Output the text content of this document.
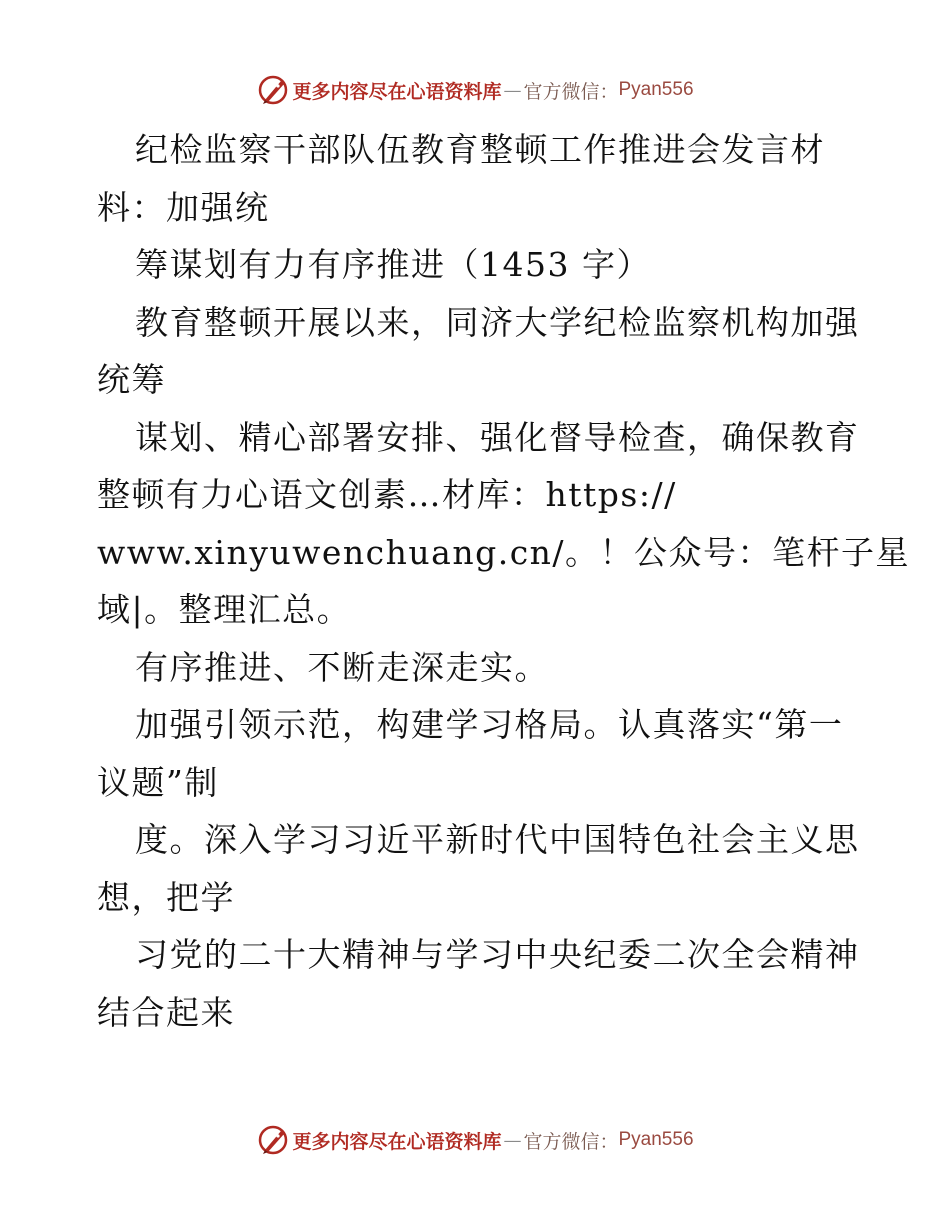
更多内容尽在心语资料库 — 官方微信： Pyan556
纪检监察干部队伍教育整顿工作推进会发言材
料：加强统
筹谋划有力有序推进（1453 字）
教育整顿开展以来，同济大学纪检监察机构加强
统筹
谋划、精心部署安排、强化督导检查，确保教育
整顿有力心语文创素…材库：https://
www.xinyuwenchuang.cn/。！公众号：笔杆子星
域|。整理汇总。
有序推进、不断走深走实。
加强引领示范，构建学习格局。认真落实“第一
议题”制
度。深入学习习近平新时代中国特色社会主义思
想，把学
习党的二十大精神与学习中央纪委二次全会精神
结合起来
更多内容尽在心语资料库 — 官方微信： Pyan556
